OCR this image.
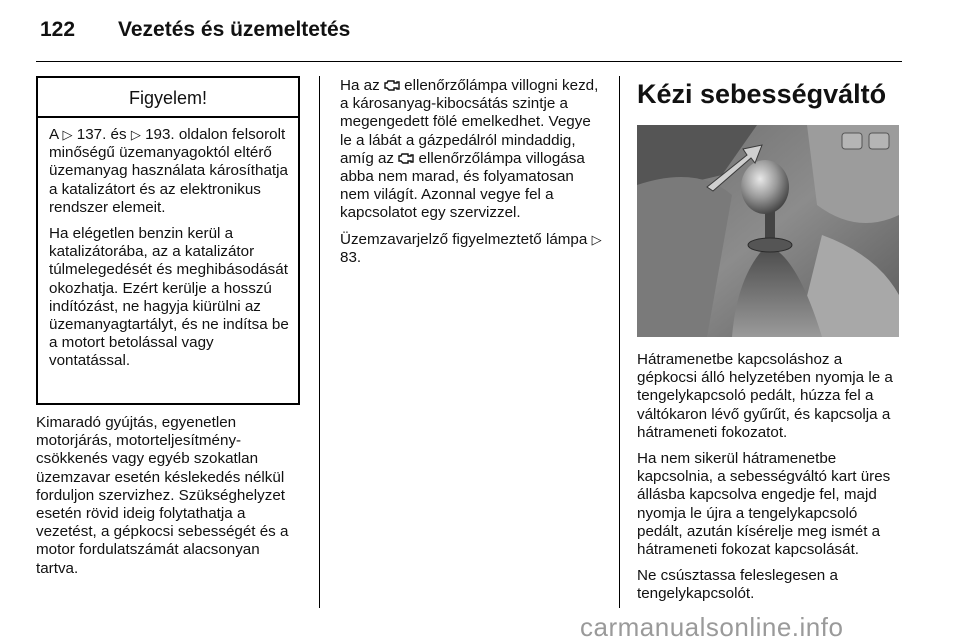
122 Vezetés és üzemeltetés
Figyelem!

A ▷ 137. és ▷ 193. oldalon felsorolt minőségű üzemanyagoktól eltérő üzemanyag használata károsíthatja a katalizátort és az elektronikus rendszer elemeit.

Ha elégetlen benzin kerül a katalizátorába, az a katalizátor túlmelegedését és meghibásodását okozhatja. Ezért kerülje a hosszú indítózást, ne hagyja kiürülni az üzemanyagtartályt, és ne indítsa be a motort betolással vagy vontatással.

Kimaradó gyújtás, egyenetlen motorjárás, motorteljesítmény-csökkenés vagy egyéb szokatlan üzemzavar esetén késlekedés nélkül forduljon szervizhez. Szükséghelyzet esetén rövid ideig folytathatja a vezetést, a gépkocsi sebességét és a motor fordulatszámát alacsonyan tartva.

Ha az ellenőrzőlámpa villogni kezd, a károsanyag-kibocsátás szintje a megengedett fölé emelkedhet. Vegye le a lábát a gázpedálról mindaddig, amíg az ellenőrzőlámpa villogása abba nem marad, és folyamatosan nem világít. Azonnal vegye fel a kapcsolatot egy szervizzel.

Üzemzavarjelző figyelmeztető lámpa ▷ 83.

Kézi sebességváltó

Hátramenetbe kapcsoláshoz a gépkocsi álló helyzetében nyomja le a tengelykapcsoló pedált, húzza fel a váltókaron lévő gyűrűt, és kapcsolja a hátrameneti fokozatot.

Ha nem sikerül hátramenetbe kapcsolnia, a sebességváltó kart üres állásba kapcsolva engedje fel, majd nyomja le újra a tengelykapcsoló pedált, azután kísérelje meg ismét a hátrameneti fokozat kapcsolását.

Ne csúsztassa feleslegesen a tengelykapcsolót.

carmanualsonline.info
